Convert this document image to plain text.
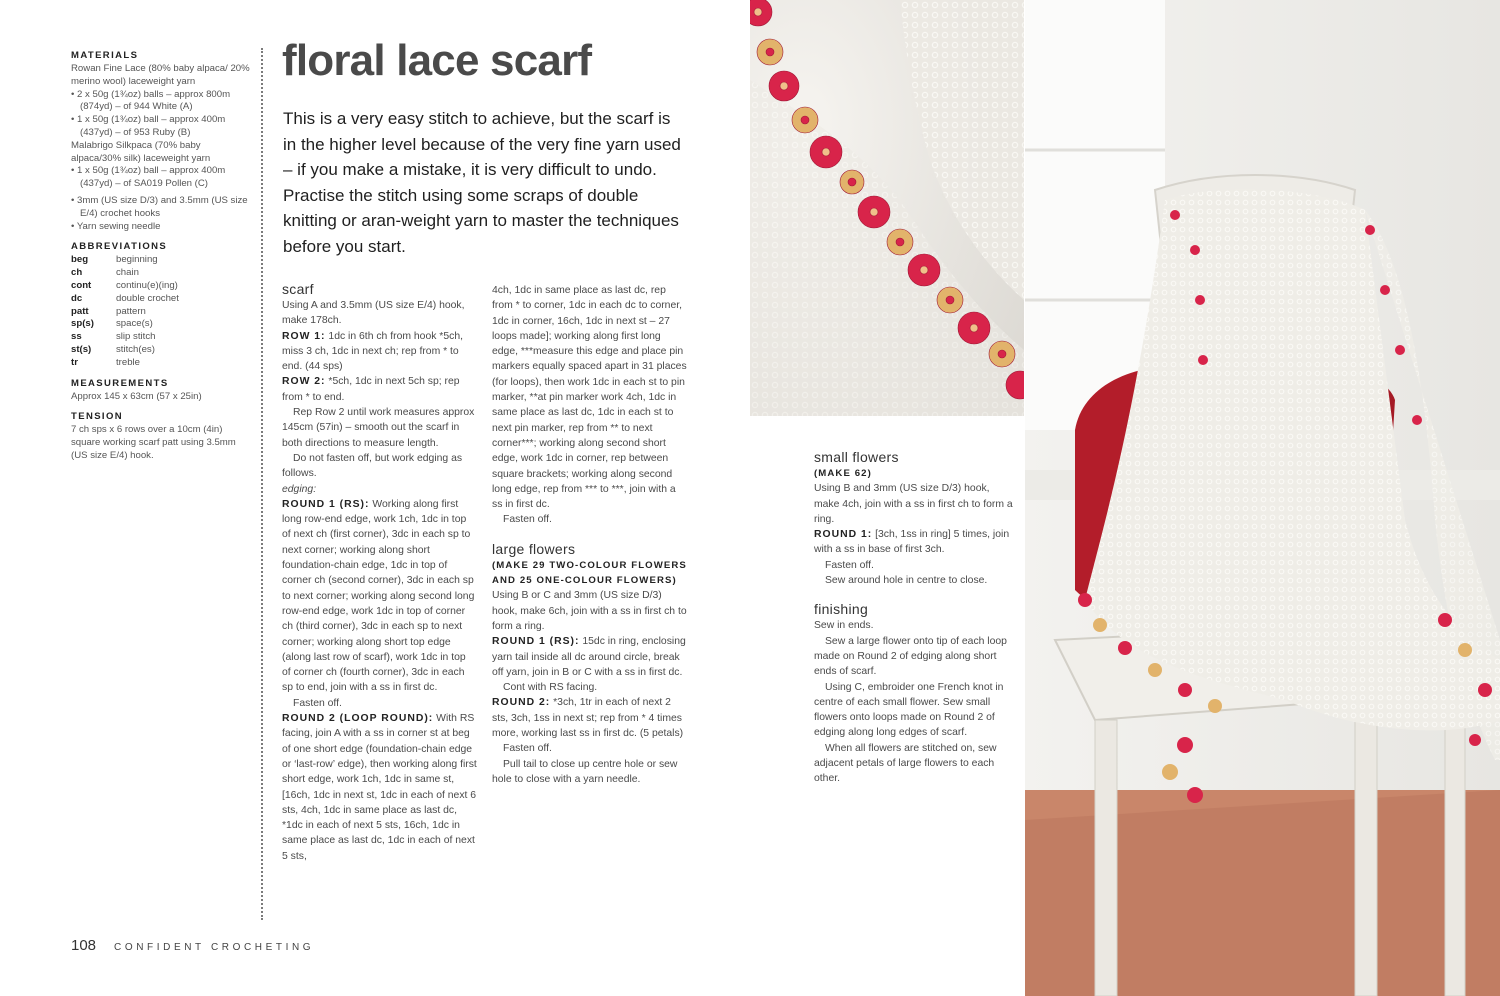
MATERIALS

Rowan Fine Lace (80% baby alpaca/ 20% merino wool) laceweight yarn

• 2 x 50g (1¾oz) balls – approx 800m (874yd) – of 944 White (A)

• 1 x 50g (1¾oz) ball – approx 400m (437yd) – of 953 Ruby (B)

Malabrigo Silkpaca (70% baby alpaca/30% silk) laceweight yarn

• 1 x 50g (1¾oz) ball – approx 400m (437yd) – of SA019 Pollen (C)

• 3mm (US size D/3) and 3.5mm (US size E/4) crochet hooks

• Yarn sewing needle

ABBREVIATIONS
beg	beginning
ch	chain
cont	continu(e)(ing)
dc	double crochet
patt	pattern
sp(s)	space(s)
ss	slip stitch
st(s)	stitch(es)
tr	treble
MEASUREMENTS

Approx 145 x 63cm (57 x 25in)

TENSION

7 ch sps x 6 rows over a 10cm (4in) square working scarf patt using 3.5mm (US size E/4) hook.

floral lace scarf

This is a very easy stitch to achieve, but the scarf is in the higher level because of the very fine yarn used – if you make a mistake, it is very difficult to undo. Practise the stitch using some scraps of double knitting or aran-weight yarn to master the techniques before you start.

scarf

Using A and 3.5mm (US size E/4) hook, make 178ch.

ROW 1: 1dc in 6th ch from hook *5ch, miss 3 ch, 1dc in next ch; rep from * to end. (44 sps)

ROW 2: *5ch, 1dc in next 5ch sp; rep from * to end.

Rep Row 2 until work measures approx 145cm (57in) – smooth out the scarf in both directions to measure length.

Do not fasten off, but work edging as follows.

edging:

ROUND 1 (RS): Working along first long row-end edge, work 1ch, 1dc in top of next ch (first corner), 3dc in each sp to next corner; working along short foundation-chain edge, 1dc in top of corner ch (second corner), 3dc in each sp to next corner; working along second long row-end edge, work 1dc in top of corner ch (third corner), 3dc in each sp to next corner; working along short top edge (along last row of scarf), work 1dc in top of corner ch (fourth corner), 3dc in each sp to end, join with a ss in first dc.

Fasten off.

ROUND 2 (LOOP ROUND): With RS facing, join A with a ss in corner st at beg of one short edge (foundation-chain edge or ‘last-row’ edge), then working along first short edge, work 1ch, 1dc in same st, [16ch, 1dc in next st, 1dc in each of next 6 sts, 4ch, 1dc in same place as last dc, *1dc in each of next 5 sts, 16ch, 1dc in same place as last dc, 1dc in each of next 5 sts,

4ch, 1dc in same place as last dc, rep from * to corner, 1dc in each dc to corner, 1dc in corner, 16ch, 1dc in next st – 27 loops made]; working along first long edge, ***measure this edge and place pin markers equally spaced apart in 31 places (for loops), then work 1dc in each st to pin marker, **at pin marker work 4ch, 1dc in same place as last dc, 1dc in each st to next pin marker, rep from ** to next corner***; working along second short edge, work 1dc in corner, rep between square brackets; working along second long edge, rep from *** to ***, join with a ss in first dc.

Fasten off.

large flowers
(MAKE 29 TWO-COLOUR FLOWERS AND 25 ONE-COLOUR FLOWERS)

Using B or C and 3mm (US size D/3) hook, make 6ch, join with a ss in first ch to form a ring.

ROUND 1 (RS): 15dc in ring, enclosing yarn tail inside all dc around circle, break off yarn, join in B or C with a ss in first dc.

Cont with RS facing.

ROUND 2: *3ch, 1tr in each of next 2 sts, 3ch, 1ss in next st; rep from * 4 times more, working last ss in first dc. (5 petals)

Fasten off.

Pull tail to close up centre hole or sew hole to close with a yarn needle.

small flowers
(MAKE 62)

Using B and 3mm (US size D/3) hook, make 4ch, join with a ss in first ch to form a ring.

ROUND 1: [3ch, 1ss in ring] 5 times, join with a ss in base of first 3ch.

Fasten off.

Sew around hole in centre to close.

finishing

Sew in ends.

Sew a large flower onto tip of each loop made on Round 2 of edging along short ends of scarf.

Using C, embroider one French knot in centre of each small flower. Sew small flowers onto loops made on Round 2 of edging along long edges of scarf.

When all flowers are stitched on, sew adjacent petals of large flowers to each other.

108 CONFIDENT CROCHETING
